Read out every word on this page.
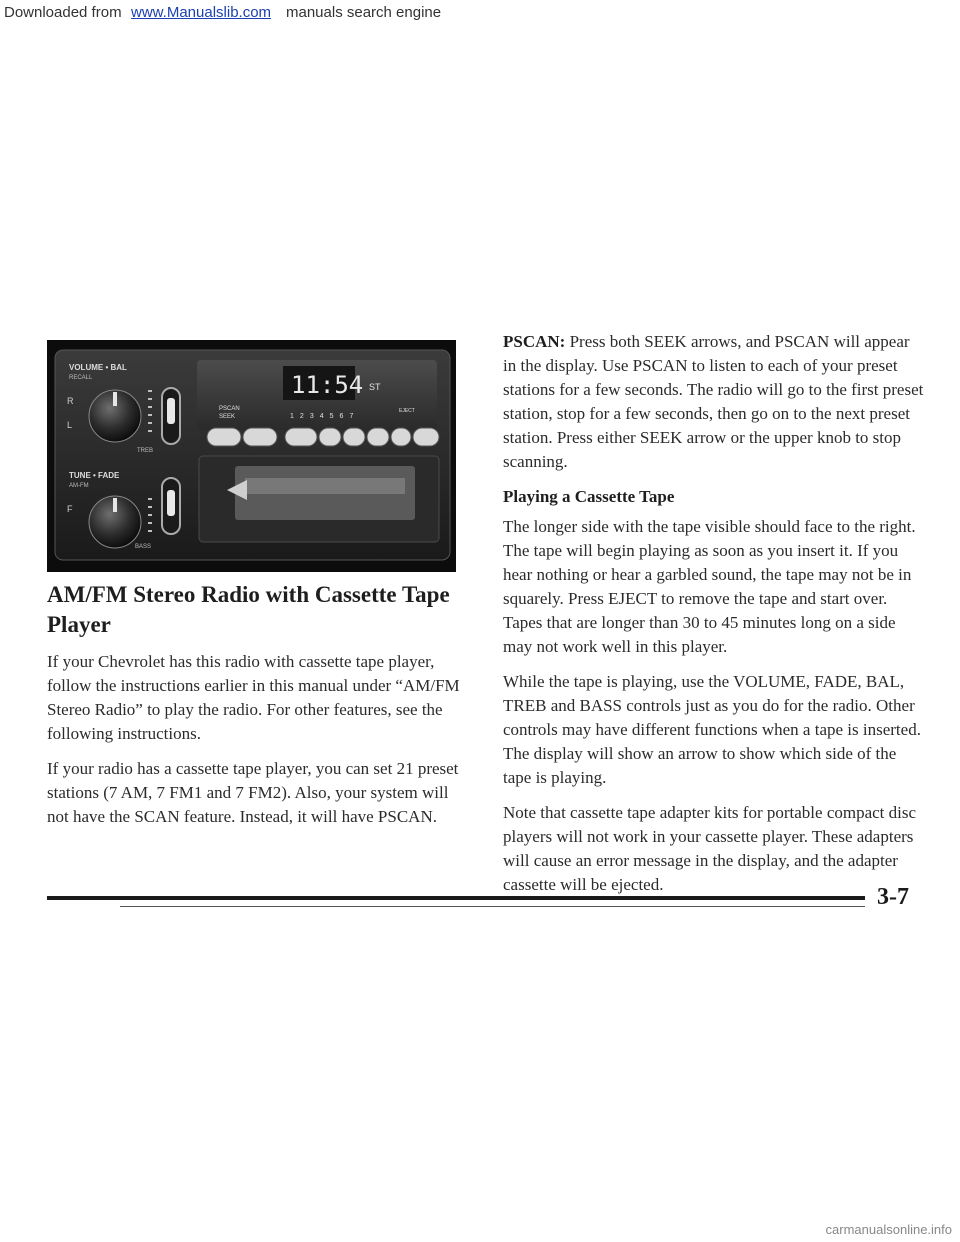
Downloaded from www.Manualslib.com manuals search engine
VOLUME • BAL
RECALL
R
L
TUNE • FADE
AM-FM
F
TREB
BASS
11:54 ST
PSCAN
SEEK	1234567
EJECT
AM/FM Stereo Radio with Cassette Tape Player

If your Chevrolet has this radio with cassette tape player, follow the instructions earlier in this manual under “AM/FM Stereo Radio” to play the radio. For other features, see the following instructions.

If your radio has a cassette tape player, you can set 21 preset stations (7 AM, 7 FM1 and 7 FM2). Also, your system will not have the SCAN feature. Instead, it will have PSCAN.

PSCAN: Press both SEEK arrows, and PSCAN will appear in the display. Use PSCAN to listen to each of your preset stations for a few seconds. The radio will go to the first preset station, stop for a few seconds, then go on to the next preset station. Press either SEEK arrow or the upper knob to stop scanning.

Playing a Cassette Tape

The longer side with the tape visible should face to the right. The tape will begin playing as soon as you insert it. If you hear nothing or hear a garbled sound, the tape may not be in squarely. Press EJECT to remove the tape and start over. Tapes that are longer than 30 to 45 minutes long on a side may not work well in this player.

While the tape is playing, use the VOLUME, FADE, BAL, TREB and BASS controls just as you do for the radio. Other controls may have different functions when a tape is inserted. The display will show an arrow to show which side of the tape is playing.

Note that cassette tape adapter kits for portable compact disc players will not work in your cassette player. These adapters will cause an error message in the display, and the adapter cassette will be ejected.	3-7
carmanualsonline.info
